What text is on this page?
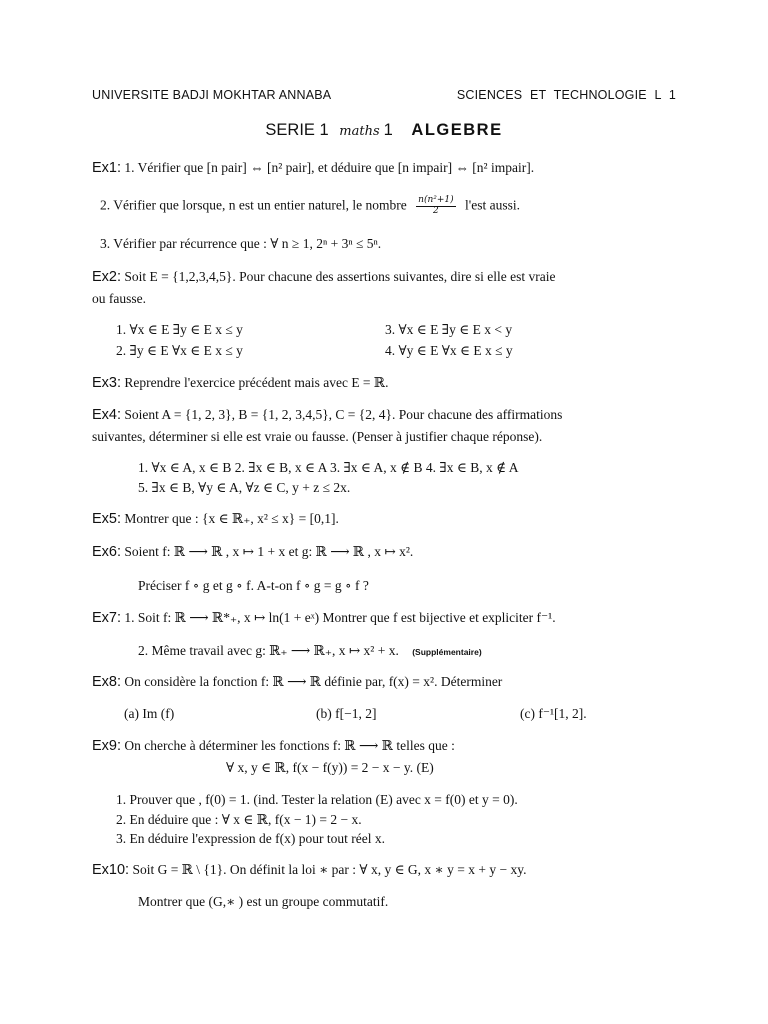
UNIVERSITE BADJI MOKHTAR ANNABA	SCIENCES ET TECHNOLOGIE L 1
SERIE 1 maths 1 ALGEBRE
Ex1: 1. Vérifier que [n pair] ⇔ [n² pair], et déduire que [n impair] ⇔ [n² impair].
2. Vérifier que lorsque, n est un entier naturel, le nombre $\frac{\text{n(n²+1)}}{2} l'est$ aussi.
3. Vérifier par récurrence que : ∀ n ≥ 1, 2ⁿ + 3ⁿ ≤ 5ⁿ.
Ex2: Soit E = {1,2,3,4,5}. Pour chacune des assertions suivantes, dire si elle est vraie
ou fausse.
1. ∀x ∈ E ∃y ∈ E x ≤ y
2. ∃y ∈ E ∀x ∈ E x ≤ y
3. ∀x ∈ E ∃y ∈ E x < y
4. ∀y ∈ E ∀x ∈ E x ≤ y
Ex3: Reprendre l'exercice précédent mais avec E = ℝ.
Ex4: Soient A = {1, 2, 3}, B = {1, 2, 3,4,5}, C = {2, 4}. Pour chacune des affirmations
suivantes, déterminer si elle est vraie ou fausse. (Penser à justifier chaque réponse).
1. ∀x ∈ A, x ∈ B 2. ∃x ∈ B, x ∈ A 3. ∃x ∈ A, x ∉ B 4. ∃x ∈ B, x ∉ A
5. ∃x ∈ B, ∀y ∈ A, ∀z ∈ C, y + z ≤ 2x.
Ex5: Montrer que : {x ∈ ℝ₊, x² ≤ x} = [0,1].
Ex6: Soient f: ℝ ⟶ ℝ , x ↦ 1 + x et g: ℝ ⟶ ℝ , x ↦ x².
Préciser f ∘ g et g ∘ f. A-t-on f ∘ g = g ∘ f ?
Ex7: 1. Soit f: ℝ ⟶ ℝ*₊, x ↦ ln(1 + eˣ) Montrer que f est bijective et expliciter f⁻¹.
2. Même travail avec g: ℝ₊ ⟶ ℝ₊, x ↦ x² + x. (Supplémentaire)
Ex8: On considère la fonction f: ℝ ⟶ ℝ définie par, f(x) = x². Déterminer
(a) Im (f)	(b) f[−1, 2]	(c) f⁻¹[1, 2].
Ex9: On cherche à déterminer les fonctions f: ℝ ⟶ ℝ telles que :
∀ x, y ∈ ℝ, f(x − f(y)) = 2 − x − y. (E)
1. Prouver que , f(0) = 1. (ind. Tester la relation (E) avec x = f(0) et y = 0).
2. En déduire que : ∀ x ∈ ℝ, f(x − 1) = 2 − x.
3. En déduire l'expression de f(x) pour tout réel x.
Ex10: Soit G = ℝ \ {1}. On définit la loi ∗ par : ∀ x, y ∈ G, x ∗ y = x + y − xy.
Montrer que (G,∗ ) est un groupe commutatif.
